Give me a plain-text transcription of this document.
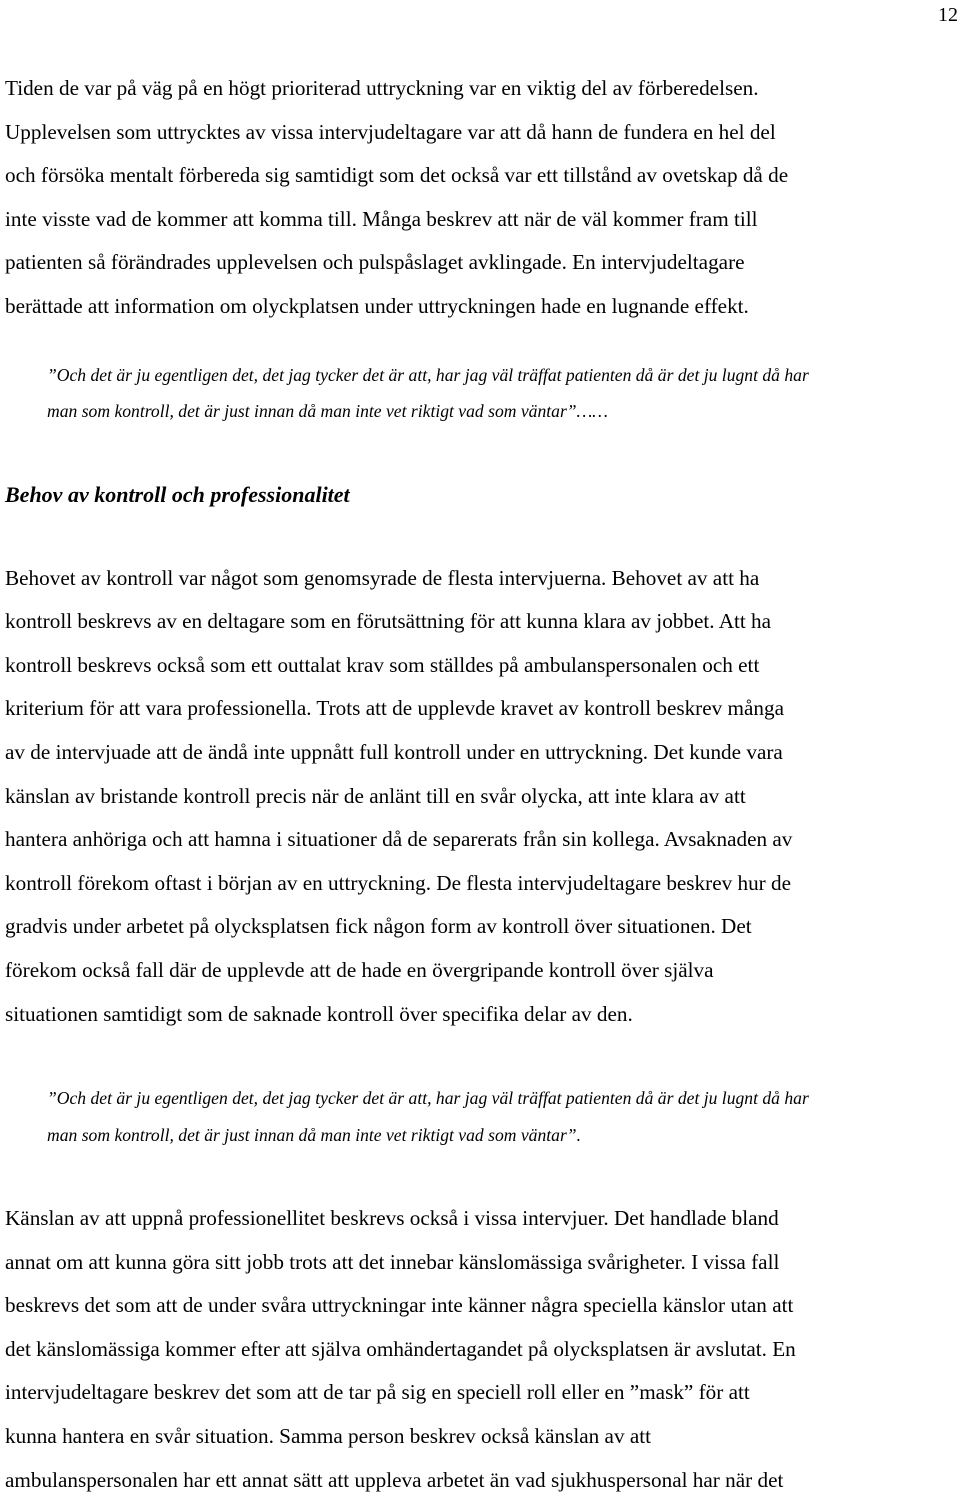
12

Tiden de var på väg på en högt prioriterad uttryckning var en viktig del av förberedelsen.
Upplevelsen som uttrycktes av vissa intervjudeltagare var att då hann de fundera en hel del
och försöka mentalt förbereda sig samtidigt som det också var ett tillstånd av ovetskap då de
inte visste vad de kommer att komma till. Många beskrev att när de väl kommer fram till
patienten så förändrades upplevelsen och pulspåslaget avklingade. En intervjudeltagare
berättade att information om olyckplatsen under uttryckningen hade en lugnande effekt.

”Och det är ju egentligen det, det jag tycker det är att, har jag väl träffat patienten då är det ju lugnt då har
man som kontroll, det är just innan då man inte vet riktigt vad som väntar”……

Behov av kontroll och professionalitet

Behovet av kontroll var något som genomsyrade de flesta intervjuerna. Behovet av att ha
kontroll beskrevs av en deltagare som en förutsättning för att kunna klara av jobbet. Att ha
kontroll beskrevs också som ett outtalat krav som ställdes på ambulanspersonalen och ett
kriterium för att vara professionella. Trots att de upplevde kravet av kontroll beskrev många
av de intervjuade att de ändå inte uppnått full kontroll under en uttryckning. Det kunde vara
känslan av bristande kontroll precis när de anlänt till en svår olycka, att inte klara av att
hantera anhöriga och att hamna i situationer då de separerats från sin kollega. Avsaknaden av
kontroll förekom oftast i början av en uttryckning. De flesta intervjudeltagare beskrev hur de
gradvis under arbetet på olycksplatsen fick någon form av kontroll över situationen. Det
förekom också fall där de upplevde att de hade en övergripande kontroll över själva
situationen samtidigt som de saknade kontroll över specifika delar av den.

”Och det är ju egentligen det, det jag tycker det är att, har jag väl träffat patienten då är det ju lugnt då har
man som kontroll, det är just innan då man inte vet riktigt vad som väntar”.

Känslan av att uppnå professionellitet beskrevs också i vissa intervjuer. Det handlade bland
annat om att kunna göra sitt jobb trots att det innebar känslomässiga svårigheter. I vissa fall
beskrevs det som att de under svåra uttryckningar inte känner några speciella känslor utan att
det känslomässiga kommer efter att själva omhändertagandet på olycksplatsen är avslutat. En
intervjudeltagare beskrev det som att de tar på sig en speciell roll eller en ”mask” för att
kunna hantera en svår situation. Samma person beskrev också känslan av att
ambulanspersonalen har ett annat sätt att uppleva arbetet än vad sjukhuspersonal har när det
